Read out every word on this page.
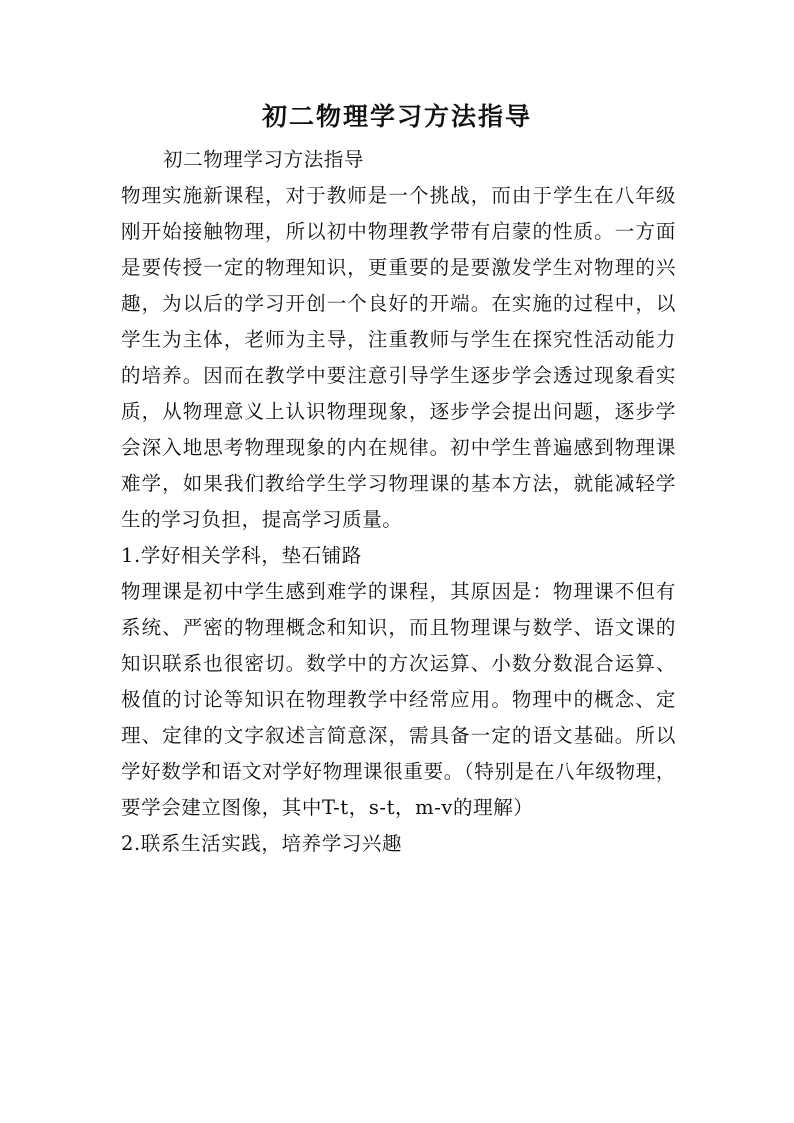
初二物理学习方法指导

初二物理学习方法指导

物理实施新课程，对于教师是一个挑战，而由于学生在八年级刚开始接触物理，所以初中物理教学带有启蒙的性质。一方面是要传授一定的物理知识，更重要的是要激发学生对物理的兴趣，为以后的学习开创一个良好的开端。在实施的过程中，以学生为主体，老师为主导，注重教师与学生在探究性活动能力的培养。因而在教学中要注意引导学生逐步学会透过现象看实质，从物理意义上认识物理现象，逐步学会提出问题，逐步学会深入地思考物理现象的内在规律。初中学生普遍感到物理课难学，如果我们教给学生学习物理课的基本方法，就能减轻学生的学习负担，提高学习质量。

1.学好相关学科，垫石铺路

物理课是初中学生感到难学的课程，其原因是：物理课不但有系统、严密的物理概念和知识，而且物理课与数学、语文课的知识联系也很密切。数学中的方次运算、小数分数混合运算、极值的讨论等知识在物理教学中经常应用。物理中的概念、定理、定律的文字叙述言简意深，需具备一定的语文基础。所以学好数学和语文对学好物理课很重要。（特别是在八年级物理，要学会建立图像，其中T-t，s-t，m-v的理解）

2.联系生活实践，培养学习兴趣
